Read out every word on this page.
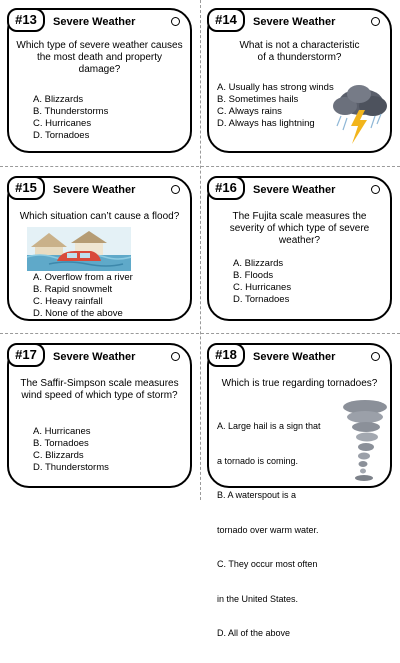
#13	Severe Weather
Which type of severe weather causes the most death and property damage?
A. Blizzards
B. Thunderstorms
C. Hurricanes
D. Tornadoes
#14	Severe Weather
What is not a characteristic of a thunderstorm?
A. Usually has strong winds
B. Sometimes hails
C. Always rains
D. Always has lightning
#15	Severe Weather
Which situation can’t cause a flood?
A. Overflow from a river
B. Rapid snowmelt
C. Heavy rainfall
D. None of the above
#16	Severe Weather
The Fujita scale measures the severity of which type of severe weather?
A. Blizzards
B. Floods
C. Hurricanes
D. Tornadoes
#17	Severe Weather
The Saffir-Simpson scale measures wind speed of which type of storm?
A. Hurricanes
B. Tornadoes
C. Blizzards
D. Thunderstorms
#18	Severe Weather
Which is true regarding tornadoes?

A. Large hail is a sign that

a tornado is coming.

B. A waterspout is a

tornado over warm water.

C. They occur most often

in the United States.

D. All of the above
